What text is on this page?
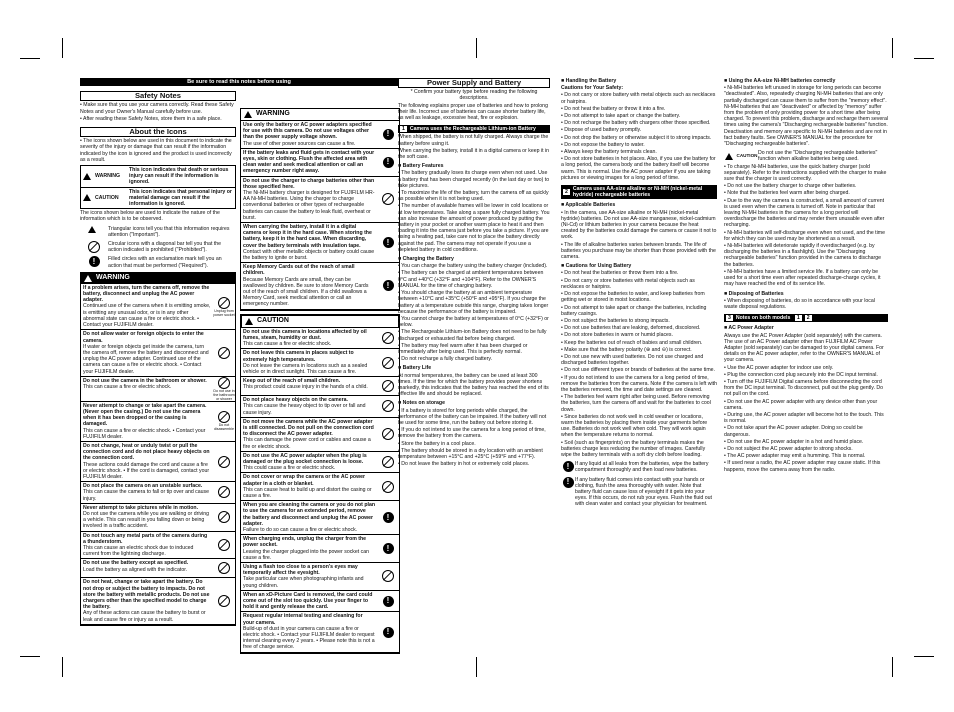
Be sure to read this notes before using
Safety Notes
• Make sure that you use your camera correctly. Read these Safety Notes and your Owner's Manual carefully before use.
• After reading these Safety Notes, store them in a safe place.
About the Icons
• The icons shown below are used in this document to indicate the severity of the injury or damage that can result if the information indicated by the icon is ignored and the product is used incorrectly as a result.
WARNING
This icon indicates that death or serious injury can result if the information is ignored.
CAUTION
This icon indicates that personal injury or material damage can result if the information is ignored.
The icons shown below are used to indicate the nature of the information which is to be observed.
Triangular icons tell you that this information requires attention ("Important").
Circular icons with a diagonal bar tell you that the action indicated is prohibited ("Prohibited").
!	Filled circles with an exclamation mark tell you an action that must be performed ("Required").
WARNING
If a problem arises, turn the camera off, remove the battery, disconnect and unplug the AC power adapter.
Continued use of the camera when it is emitting smoke, is emitting any unusual odor, or is in any other abnormal state can cause a fire or electric shock. • Contact your FUJIFILM dealer.
Unplug from power socket
Do not allow water or foreign objects to enter the camera.
If water or foreign objects get inside the camera, turn the camera off, remove the battery and disconnect and unplug the AC power adapter. Continued use of the camera can cause a fire or electric shock. • Contact your FUJIFILM dealer.
Do not use the camera in the bathroom or shower.
This can cause a fire or electric shock.
Do not use in the bathroom or shower
Never attempt to change or take apart the camera. (Never open the casing.) Do not use the camera when it has been dropped or the casing is damaged.
This can cause a fire or electric shock. • Contact your FUJIFILM dealer.
Do not disassemble
Do not change, heat or unduly twist or pull the connection cord and do not place heavy objects on the connection cord.
These actions could damage the cord and cause a fire or electric shock. • If the cord is damaged, contact your FUJIFILM dealer.
Do not place the camera on an unstable surface.
This can cause the camera to fall or tip over and cause injury.
Never attempt to take pictures while in motion.
Do not use the camera while you are walking or driving a vehicle. This can result in you falling down or being involved in a traffic accident.
Do not touch any metal parts of the camera during a thunderstorm.
This can cause an electric shock due to induced current from the lightning discharge.
Do not use the battery except as specified.
Load the battery as aligned with the indicator.
Do not heat, change or take apart the battery. Do not drop or subject the battery to impacts. Do not store the battery with metallic products. Do not use chargers other than the specified model to charge the battery.
Any of these actions can cause the battery to burst or leak and cause fire or injury as a result.
WARNING
Use only the battery or AC power adapters specified for use with this camera. Do not use voltages other than the power supply voltage shown.
The use of other power sources can cause a fire.
!
If the battery leaks and fluid gets in contact with your eyes, skin or clothing. Flush the affected area with clean water and seek medical attention or call an emergency number right away.

!
Do not use the charger to charge batteries other than those specified here.
The Ni-MH battery charger is designed for FUJIFILM HR-AA Ni-MH batteries. Using the charger to charge conventional batteries or other types of rechargeable batteries can cause the battery to leak fluid, overheat or burst.
When carrying the battery, install it in a digital camera or keep it in the hard case. When storing the battery, keep it in the hard case. When discarding, cover the battery terminals with insulation tape.
Contact with other metallic objects or battery could cause the battery to ignite or burst.
!
Keep Memory Cards out of the reach of small children.
Because Memory Cards are small, they can be swallowed by children. Be sure to store Memory Cards out of the reach of small children. If a child swallows a Memory Card, seek medical attention or call an emergency number.
!
CAUTION
Do not use this camera in locations affected by oil fumes, steam, humidity or dust.
This can cause a fire or electric shock.
Do not leave this camera in places subject to extremely high temperatures.
Do not leave the camera in locations such as a sealed vehicle or in direct sunlight. This can cause a fire.
Keep out of the reach of small children.
This product could cause injury in the hands of a child.
Do not place heavy objects on the camera.
This can cause the heavy object to tip over or fall and cause injury.
Do not move the camera while the AC power adapter is still connected. Do not pull on the connection cord to disconnect the AC power adapter.
This can damage the power cord or cables and cause a fire or electric shock.
Do not use the AC power adapter when the plug is damaged or the plug socket connection is loose.
This could cause a fire or electric shock.
Do not cover or wrap the camera or the AC power adapter in a cloth or blanket.
This can cause heat to build up and distort the casing or cause a fire.
When you are cleaning the camera or you do not plan to use the camera for an extended period, remove the battery and disconnect and unplug the AC power adapter.
Failure to do so can cause a fire or electric shock.
!
When charging ends, unplug the charger from the power socket.
Leaving the charger plugged into the power socket can cause a fire.
!
Using a flash too close to a person's eyes may temporarily affect the eyesight.
Take particular care when photographing infants and young children.
When an xD-Picture Card is removed, the card could come out of the slot too quickly. Use your finger to hold it and gently release the card.

!
Request regular internal testing and cleaning for your camera.
Build-up of dust in your camera can cause a fire or electric shock. • Contact your FUJIFILM dealer to request internal cleaning every 2 years. • Please note this is not a free of charge service.
!
Power Supply and Battery
* Confirm your battery type before reading the following descriptions.
The following explains proper use of batteries and how to prolong their life. Incorrect use of batteries can cause shorter battery life, as well as leakage, excessive heat, fire or explosion.
1 Camera uses the Rechargeable Lithium-ion Battery
When shipped, the battery is not fully charged. Always charge the battery before using it.
When carrying the battery, install it in a digital camera or keep it in the soft case.
■ Battery Features
• The battery gradually loses its charge even when not used. Use a battery that has been charged recently (in the last day or two) to take pictures.
• To maximize the life of the battery, turn the camera off as quickly as possible when it is not being used.
• The number of available frames will be lower in cold locations or at low temperatures. Take along a spare fully charged battery. You can also increase the amount of power produced by putting the battery in your pocket or another warm place to heat it and then loading it into the camera just before you take a picture. If you are using a heating pad, take care not to place the battery directly against the pad. The camera may not operate if you use a depleted battery in cold conditions.
■ Charging the Battery
• You can charge the battery using the battery charger (included).
• The battery can be charged at ambient temperatures between 0°C and +40°C (+32°F and +104°F). Refer to the OWNER'S MANUAL for the time of charging battery.
• You should charge the battery at an ambient temperature between +10°C and +35°C (+50°F and +95°F). If you charge the battery at a temperature outside this range, charging takes longer because the performance of the battery is impaired.
• You cannot charge the battery at temperatures of 0°C (+32°F) or below.
• The Rechargeable Lithium-ion Battery does not need to be fully discharged or exhausted flat before being charged.
• The battery may feel warm after it has been charged or immediately after being used. This is perfectly normal.
• Do not recharge a fully charged battery.
■ Battery Life
At normal temperatures, the battery can be used at least 300 times. If the time for which the battery provides power shortens markedly, this indicates that the battery has reached the end of its effective life and should be replaced.
■ Notes on storage
• If a battery is stored for long periods while charged, the performance of the battery can be impaired. If the battery will not be used for some time, run the battery out before storing it.
• If you do not intend to use the camera for a long period of time, remove the battery from the camera.
• Store the battery in a cool place.
• The battery should be stored in a dry location with an ambient temperature between +15°C and +25°C (+59°F and +77°F).
• Do not leave the battery in hot or extremely cold places.
■ Handling the Battery
Cautions for Your Safety:
• Do not carry or store battery with metal objects such as necklaces or hairpins.
• Do not heat the battery or throw it into a fire.
• Do not attempt to take apart or change the battery.
• Do not recharge the battery with chargers other those specified.
• Dispose of used battery promptly.
• Do not drop the battery or otherwise subject it to strong impacts.
• Do not expose the battery to water.
• Always keep the battery terminals clean.
• Do not store batteries in hot places. Also, if you use the battery for a long period, the camera body and the battery itself will become warm. This is normal. Use the AC power adapter if you are taking pictures or viewing images for a long period of time.
2
Camera uses AA-size alkaline or Ni-MH (nickel-metal hydride) rechargeable batteries
■ Applicable Batteries
• In the camera, use AA-size alkaline or Ni-MH (nickel-metal hydride) batteries. Do not use AA-size manganese, nickel-cadmium (Ni-Cd) or lithium batteries in your camera because the heat created by the batteries could damage the camera or cause it not to work.
• The life of alkaline batteries varies between brands. The life of batteries you purchase may be shorter than those provided with the camera.
■ Cautions for Using Battery
• Do not heat the batteries or throw them into a fire.
• Do not carry or store batteries with metal objects such as necklaces or hairpins.
• Do not expose the batteries to water, and keep batteries from getting wet or stored in moist locations.
• Do not attempt to take apart or change the batteries, including battery casings.
• Do not subject the batteries to strong impacts.
• Do not use batteries that are leaking, deformed, discolored.
• Do not store batteries in warm or humid places.
• Keep the batteries out of reach of babies and small children.
• Make sure that the battery polarity (⊕ and ⊖) is correct.
• Do not use new with used batteries. Do not use charged and discharged batteries together.
• Do not use different types or brands of batteries at the same time.
• If you do not intend to use the camera for a long period of time, remove the batteries from the camera. Note if the camera is left with the batteries removed, the time and date settings are cleared.
• The batteries feel warm right after being used. Before removing the batteries, turn the camera off and wait for the batteries to cool down.
• Since batteries do not work well in cold weather or locations, warm the batteries by placing them inside your garments before use. Batteries do not work well when cold. They will work again when the temperature returns to normal.
• Soil (such as fingerprints) on the battery terminals makes the batteries charge less reducing the number of images. Carefully wipe the battery terminals with a soft dry cloth before loading.
!	If any liquid at all leaks from the batteries, wipe the battery compartment thoroughly and then load new batteries.
!	If any battery fluid comes into contact with your hands or clothing, flush the area thoroughly with water. Note that battery fluid can cause loss of eyesight if it gets into your eyes. If this occurs, do not rub your eyes. Flush the fluid out with clean water and contact your physician for treatment.
■ Using the AA-size Ni-MH batteries correctly
• Ni-MH batteries left unused in storage for long periods can become "deactivated". Also, repeatedly charging Ni-MH batteries that are only partially discharged can cause them to suffer from the "memory effect". Ni-MH batteries that are "deactivated" or affected by "memory" suffer from the problem of only providing power for a short time after being charged. To prevent this problem, discharge and recharge them several times using the camera's "Discharging rechargeable batteries" function. Deactivation and memory are specific to Ni-MH batteries and are not in fact battery faults. See OWNER'S MANUAL for the procedure for "Discharging rechargeable batteries".
CAUTION Do not use the "Discharging rechargeable batteries" function when alkaline batteries being used.
• To charge Ni-MH batteries, use the quick battery charger (sold separately). Refer to the instructions supplied with the charger to make sure that the charger is used correctly.
• Do not use the battery charger to charge other batteries.
• Note that the batteries feel warm after being charged.
• Due to the way the camera is constructed, a small amount of current is used even when the camera is turned off. Note in particular that leaving Ni-MH batteries in the camera for a long period will overdischarge the batteries and may render them unusable even after recharging.
• Ni-MH batteries will self-discharge even when not used, and the time for which they can be used may be shortened as a result.
• Ni-MH batteries will deteriorate rapidly if overdischarged (e.g. by discharging the batteries in a flashlight). Use the "Discharging rechargeable batteries" function provided in the camera to discharge the batteries.
• Ni-MH batteries have a limited service life. If a battery can only be used for a short time even after repeated discharge-charge cycles, it may have reached the end of its service life.
■ Disposing of Batteries
• When disposing of batteries, do so in accordance with your local waste disposal regulations.
3 Notes on both models
	1	2
■ AC Power Adapter
Always use the AC Power Adapter (sold separately) with the camera. The use of an AC Power adapter other than FUJIFILM AC Power Adapter (sold separately) can be damaged to your digital camera. For details on the AC power adapter, refer to the OWNER'S MANUAL of your camera.
• Use the AC power adapter for indoor use only.
• Plug the connection cord plug securely into the DC input terminal.
• Turn off the FUJIFILM Digital camera before disconnecting the cord from the DC input terminal. To disconnect, pull out the plug gently. Do not pull on the cord.
• Do not use the AC power adapter with any device other than your camera.
• During use, the AC power adapter will become hot to the touch. This is normal.
• Do not take apart the AC power adapter. Doing so could be dangerous.
• Do not use the AC power adapter in a hot and humid place.
• Do not subject the AC power adapter to strong shocks.
• The AC power adapter may emit a humming. This is normal.
• If used near a radio, the AC power adapter may cause static. If this happens, move the camera away from the radio.
